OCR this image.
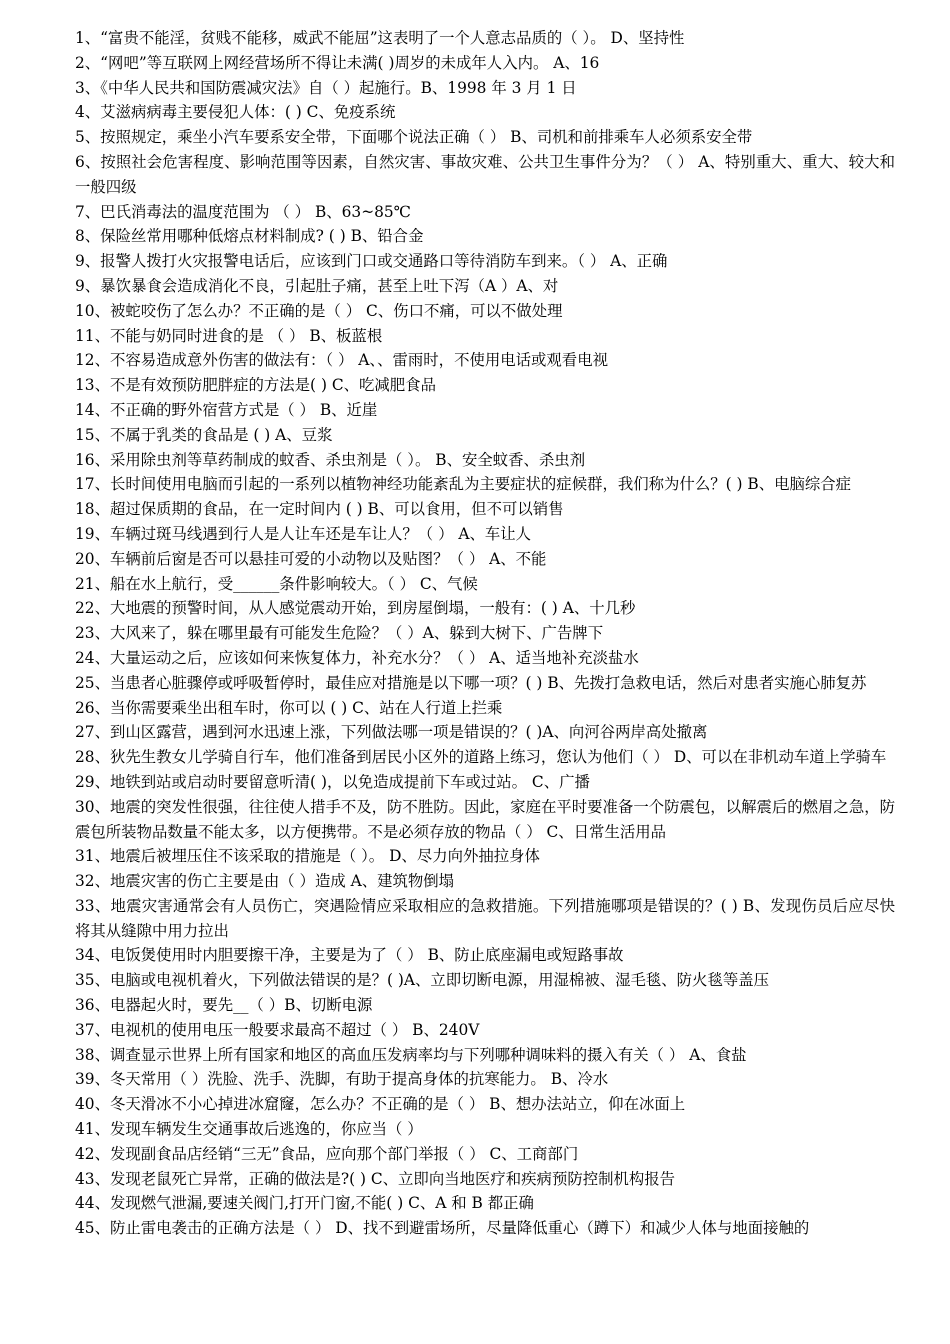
1、“富贵不能淫，贫贱不能移，威武不能屈”这表明了一个人意志品质的（ ）。 D、坚持性

2、“网吧”等互联网上网经营场所不得让未满( )周岁的未成年人入内。 A、16

3、《中华人民共和国防震减灾法》自（ ）起施行。B、1998 年 3 月 1 日

4、艾滋病病毒主要侵犯人体：( ) C、免疫系统

5、按照规定，乘坐小汽车要系安全带，下面哪个说法正确（ ） B、司机和前排乘车人必须系安全带

6、按照社会危害程度、影响范围等因素，自然灾害、事故灾难、公共卫生事件分为？（ ） A、特别重大、重大、较大和一般四级

7、巴氏消毒法的温度范围为 （ ） B、63~85℃

8、保险丝常用哪种低熔点材料制成? ( ) B、铅合金

9、报警人拨打火灾报警电话后，应该到门口或交通路口等待消防车到来。（ ） A、正确

9、暴饮暴食会造成消化不良，引起肚子痛，甚至上吐下泻（A ）A、对

10、被蛇咬伤了怎么办？不正确的是（ ） C、伤口不痛，可以不做处理

11、不能与奶同时进食的是 （ ） B、板蓝根

12、不容易造成意外伤害的做法有：（ ） A、、雷雨时，不使用电话或观看电视

13、不是有效预防肥胖症的方法是( ) C、吃减肥食品

14、不正确的野外宿营方式是（ ） B、近崖

15、不属于乳类的食品是 ( ) A、豆浆

16、采用除虫剂等草药制成的蚊香、杀虫剂是（ ）。 B、安全蚊香、杀虫剂

17、长时间使用电脑而引起的一系列以植物神经功能紊乱为主要症状的症候群，我们称为什么？( ) B、电脑综合症

18、超过保质期的食品，在一定时间内 ( ) B、可以食用，但不可以销售

19、车辆过斑马线遇到行人是人让车还是车让人？（ ） A、车让人

20、车辆前后窗是否可以悬挂可爱的小动物以及贴图？（ ） A、不能

21、船在水上航行，受______条件影响较大。（ ） C、气候

22、大地震的预警时间，从人感觉震动开始，到房屋倒塌，一般有：( ) A、十几秒

23、大风来了，躲在哪里最有可能发生危险？（ ）A、躲到大树下、广告牌下

24、大量运动之后，应该如何来恢复体力，补充水分？（ ） A、适当地补充淡盐水

25、当患者心脏骤停或呼吸暂停时，最佳应对措施是以下哪一项？( ) B、先拨打急救电话，然后对患者实施心肺复苏

26、当你需要乘坐出租车时，你可以 ( ) C、站在人行道上拦乘

27、到山区露营，遇到河水迅速上涨，下列做法哪一项是错误的？( )A、向河谷两岸高处撤离

28、狄先生教女儿学骑自行车，他们准备到居民小区外的道路上练习，您认为他们（ ） D、可以在非机动车道上学骑车

29、地铁到站或启动时要留意听清( )，以免造成提前下车或过站。 C、广播

30、地震的突发性很强，往往使人措手不及，防不胜防。因此，家庭在平时要准备一个防震包，以解震后的燃眉之急，防震包所装物品数量不能太多，以方便携带。不是必须存放的物品（ ） C、日常生活用品

31、地震后被埋压住不该采取的措施是（ ）。 D、尽力向外抽拉身体

32、地震灾害的伤亡主要是由（ ）造成 A、建筑物倒塌

33、地震灾害通常会有人员伤亡，突遇险情应采取相应的急救措施。下列措施哪项是错误的？( ) B、发现伤员后应尽快将其从缝隙中用力拉出

34、电饭煲使用时内胆要擦干净，主要是为了（ ） B、防止底座漏电或短路事故

35、电脑或电视机着火，下列做法错误的是？( )A、立即切断电源，用湿棉被、湿毛毯、防火毯等盖压

36、电器起火时，要先__（ ）B、切断电源

37、电视机的使用电压一般要求最高不超过（ ） B、240V

38、调查显示世界上所有国家和地区的高血压发病率均与下列哪种调味料的摄入有关（ ） A、食盐

39、冬天常用（ ）洗脸、洗手、洗脚，有助于提高身体的抗寒能力。 B、冷水

40、冬天滑冰不小心掉进冰窟窿，怎么办？不正确的是（ ） B、想办法站立，仰在冰面上

41、发现车辆发生交通事故后逃逸的，你应当（ ）

42、发现副食品店经销“三无”食品，应向那个部门举报（ ） C、工商部门

43、发现老鼠死亡异常，正确的做法是?( ) C、立即向当地医疗和疾病预防控制机构报告

44、发现燃气泄漏,要速关阀门,打开门窗,不能( ) C、A 和 B 都正确

45、防止雷电袭击的正确方法是（ ） D、找不到避雷场所，尽量降低重心（蹲下）和减少人体与地面接触的
